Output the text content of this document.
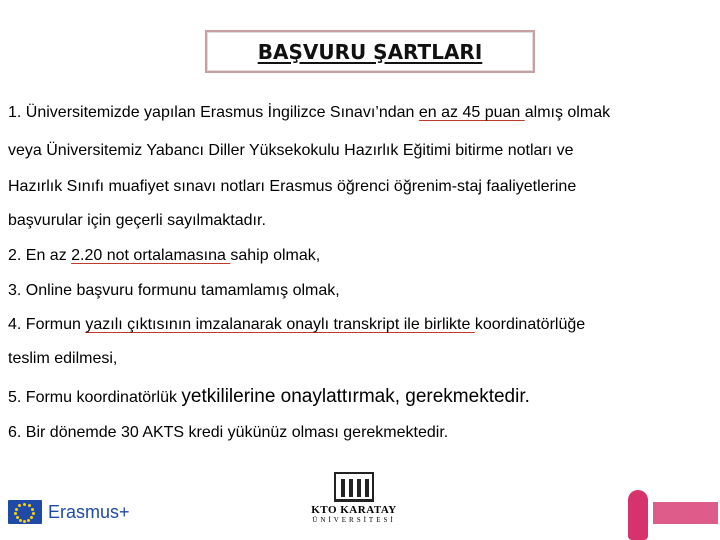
BAŞVURU ŞARTLARI
1. Üniversitemizde yapılan Erasmus İngilizce Sınavı’ndan en az 45 puan almış olmak
veya Üniversitemiz Yabancı Diller Yüksekokulu Hazırlık Eğitimi bitirme notları ve
Hazırlık Sınıfı muafiyet sınavı notları Erasmus öğrenci öğrenim-staj faaliyetlerine
başvurular için geçerli sayılmaktadır.
2. En az 2.20 not ortalamasına sahip olmak,
3. Online başvuru formunu tamamlamış olmak,
4. Formun yazılı çıktısının imzalanarak onaylı transkript ile birlikte koordinatörlüğe
teslim edilmesi,
5. Formu koordinatörlük yetkililerine onaylattırmak, gerekmektedir.
6. Bir dönemde 30 AKTS kredi yükünüz olması gerekmektedir.
Erasmus+	KTO KARATAY
ÜNİVERSİTESİ
